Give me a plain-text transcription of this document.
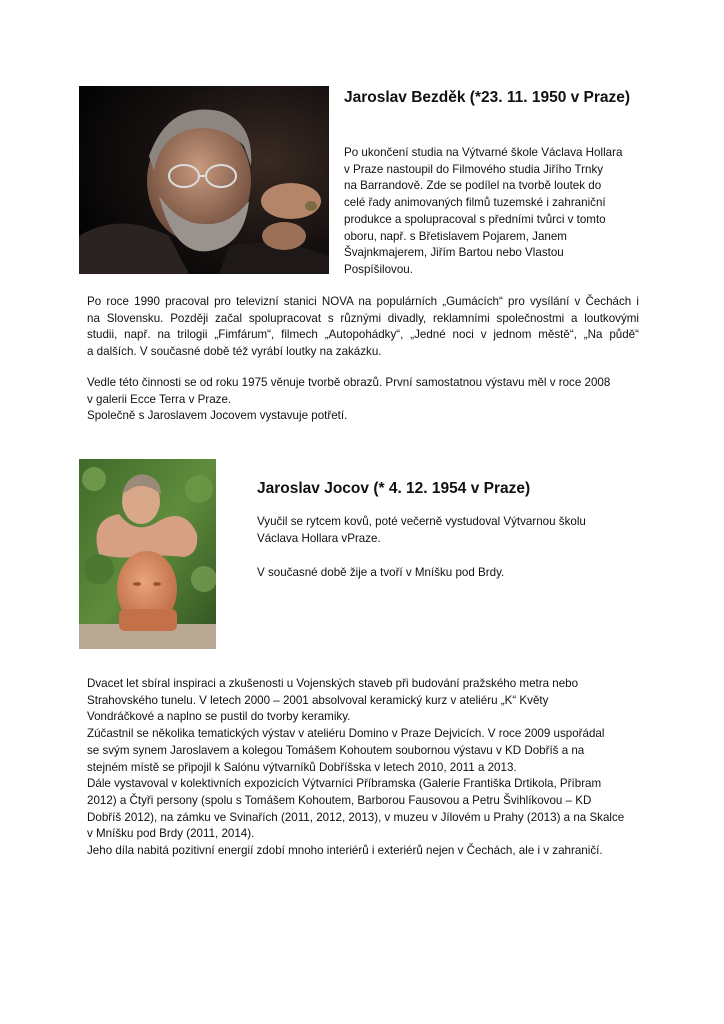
Jaroslav Bezděk (*23. 11. 1950 v Praze)
Po ukončení studia na Výtvarné škole Václava Hollara
v Praze nastoupil do Filmového studia Jiřího Trnky
na Barrandově. Zde se podílel na tvorbě loutek do
celé řady animovaných filmů tuzemské i zahraniční
produkce a spolupracoval s předními tvůrci v tomto
oboru, např. s Břetislavem Pojarem, Janem
Švajnkmajerem, Jiřím Bartou nebo Vlastou
Pospíšilovou.
Po roce 1990 pracoval pro televizní stanici NOVA na populárních „Gumácích“ pro vysílání v Čechách i
na Slovensku. Později začal spolupracovat s různými divadly, reklamními společnostmi a loutkovými
studii, např. na trilogii „Fimfárum“, filmech „Autopohádky“, „Jedné noci v jednom městě“, „Na půdě“
a dalších. V současné době též vyrábí loutky na zakázku.
Vedle této činnosti se od roku 1975 věnuje tvorbě obrazů. První samostatnou výstavu měl v roce 2008
v galerii Ecce Terra v Praze.
Společně s Jaroslavem Jocovem vystavuje potřetí.
Jaroslav Jocov (* 4. 12. 1954 v Praze)
Vyučil se rytcem kovů, poté večerně vystudoval Výtvarnou školu
Václava Hollara vPraze.
V současné době žije a tvoří v Mníšku pod Brdy.
Dvacet let sbíral inspiraci a zkušenosti u Vojenských staveb při budování pražského metra nebo
Strahovského tunelu. V letech 2000 – 2001 absolvoval keramický kurz v ateliéru „K“ Květy
Vondráčkové a naplno se pustil do tvorby keramiky.
Zúčastnil se několika tematických výstav v ateliéru Domino v Praze Dejvicích. V roce 2009 uspořádal
se svým synem Jaroslavem a kolegou Tomášem Kohoutem soubornou výstavu v KD Dobříš a na
stejném místě se připojil k Salónu výtvarníků Dobříšska v letech 2010, 2011 a 2013.
Dále vystavoval v kolektivních expozicích Výtvarníci Příbramska (Galerie Františka Drtikola, Příbram
2012) a Čtyři persony (spolu s Tomášem Kohoutem, Barborou Fausovou a Petru Švihlíkovou – KD
Dobříš 2012), na zámku ve Svinařích (2011, 2012, 2013), v muzeu v Jílovém u Prahy (2013) a na Skalce
v Mníšku pod Brdy (2011, 2014).
Jeho díla nabitá pozitivní energií zdobí mnoho interiérů i exteriérů nejen v Čechách, ale i v zahraničí.
